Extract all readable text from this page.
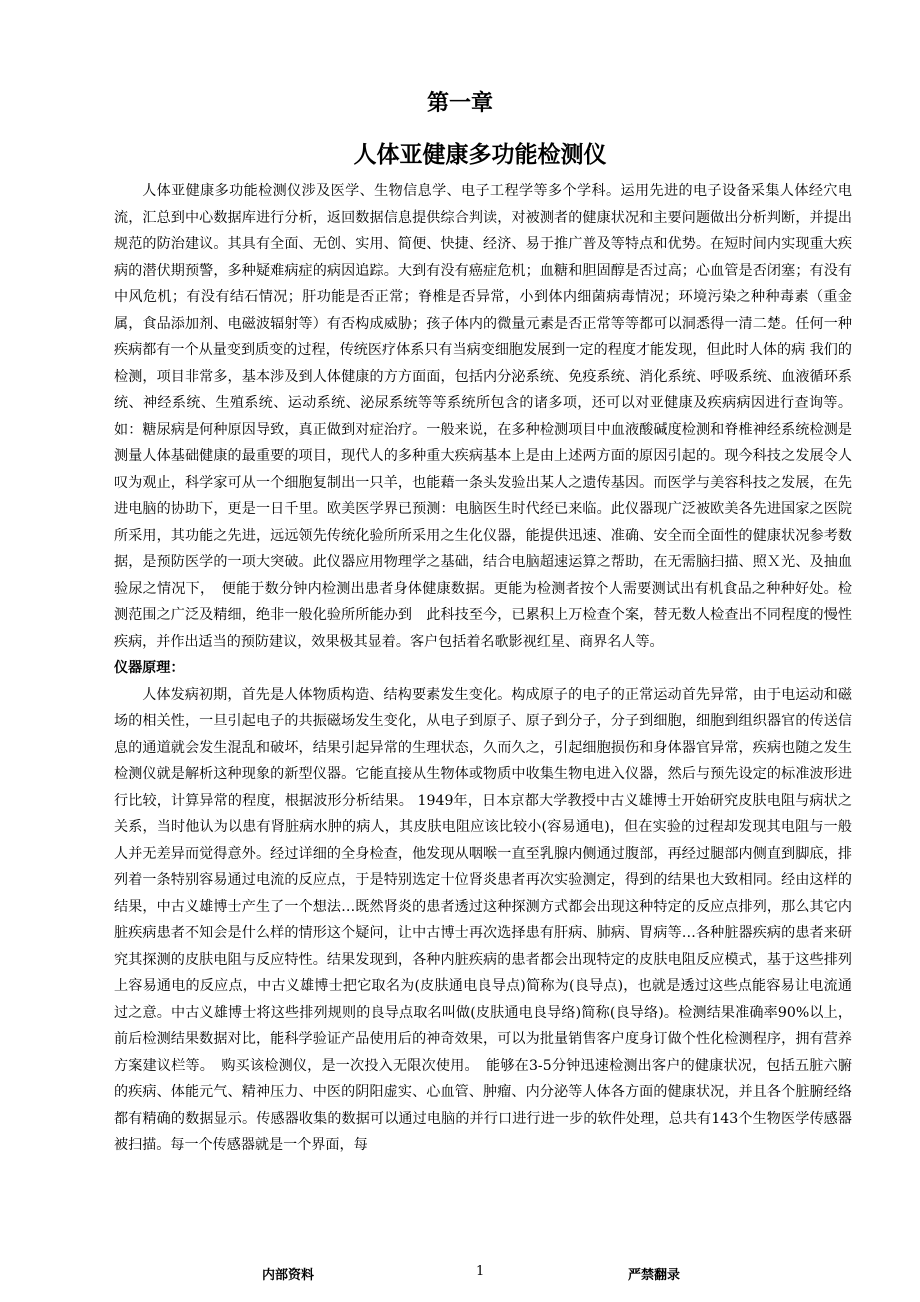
第一章
人体亚健康多功能检测仪

人体亚健康多功能检测仪涉及医学、生物信息学、电子工程学等多个学科。运用先进的电子设备采集人体经穴电流，汇总到中心数据库进行分析，返回数据信息提供综合判读，对被测者的健康状况和主要问题做出分析判断，并提出规范的防治建议。其具有全面、无创、实用、简便、快捷、经济、易于推广普及等特点和优势。在短时间内实现重大疾病的潜伏期预警，多种疑难病症的病因追踪。大到有没有癌症危机；血糖和胆固醇是否过高；心血管是否闭塞；有没有中风危机；有没有结石情况；肝功能是否正常；脊椎是否异常，小到体内细菌病毒情况；环境污染之种种毒素（重金属，食品添加剂、电磁波辐射等）有否构成威胁；孩子体内的微量元素是否正常等等都可以洞悉得一清二楚。任何一种疾病都有一个从量变到质变的过程，传统医疗体系只有当病变细胞发展到一定的程度才能发现，但此时人体的病 我们的检测，项目非常多，基本涉及到人体健康的方方面面，包括内分泌系统、免疫系统、消化系统、呼吸系统、血液循环系统、神经系统、生殖系统、运动系统、泌尿系统等等系统所包含的诸多项，还可以对亚健康及疾病病因进行查询等。如：糖尿病是何种原因导致，真正做到对症治疗。一般来说，在多种检测项目中血液酸碱度检测和脊椎神经系统检测是测量人体基础健康的最重要的项目，现代人的多种重大疾病基本上是由上述两方面的原因引起的。现今科技之发展令人叹为观止，科学家可从一个细胞复制出一只羊，也能藉一条头发验出某人之遗传基因。而医学与美容科技之发展，在先进电脑的协助下，更是一日千里。欧美医学界已预测：电脑医生时代经已来临。此仪器现广泛被欧美各先进国家之医院所采用，其功能之先进，远远领先传统化验所所采用之生化仪器，能提供迅速、准确、安全而全面性的健康状况参考数据，是预防医学的一项大突破。此仪器应用物理学之基础，结合电脑超速运算之帮助，在无需脑扫描、照Ｘ光、及抽血验尿之情况下，　便能于数分钟内检测出患者身体健康数据。更能为检测者按个人需要测试出有机食品之种种好处。检测范围之广泛及精细，绝非一般化验所所能办到　此科技至今，已累积上万检查个案，替无数人检查出不同程度的慢性疾病，并作出适当的预防建议，效果极其显着。客户包括着名歌影视红星、商界名人等。

仪器原理：

人体发病初期，首先是人体物质构造、结构要素发生变化。构成原子的电子的正常运动首先异常，由于电运动和磁场的相关性，一旦引起电子的共振磁场发生变化，从电子到原子、原子到分子，分子到细胞，细胞到组织器官的传送信息的通道就会发生混乱和破坏，结果引起异常的生理状态，久而久之，引起细胞损伤和身体器官异常，疾病也随之发生 检测仪就是解析这种现象的新型仪器。它能直接从生物体或物质中收集生物电进入仪器，然后与预先设定的标准波形进行比较，计算异常的程度，根据波形分析结果。 1949年，日本京都大学教授中古义雄博士开始研究皮肤电阻与病状之关系，当时他认为以患有肾脏病水肿的病人，其皮肤电阻应该比较小(容易通电)，但在实验的过程却发现其电阻与一般人并无差异而觉得意外。经过详细的全身检查，他发现从咽喉一直至乳腺内侧通过腹部，再经过腿部内侧直到脚底，排列着一条特别容易通过电流的反应点，于是特别选定十位肾炎患者再次实验测定，得到的结果也大致相同。经由这样的结果，中古义雄博士产生了一个想法…既然肾炎的患者透过这种探测方式都会出现这种特定的反应点排列，那么其它内脏疾病患者不知会是什么样的情形这个疑问，让中古博士再次选择患有肝病、肺病、胃病等…各种脏器疾病的患者来研究其探测的皮肤电阻与反应特性。结果发现到，各种内脏疾病的患者都会出现特定的皮肤电阻反应模式，基于这些排列上容易通电的反应点，中古义雄博士把它取名为(皮肤通电良导点)简称为(良导点)，也就是透过这些点能容易让电流通过之意。中古义雄博士将这些排列规则的良导点取名叫做(皮肤通电良导络)简称(良导络)。检测结果准确率90%以上，前后检测结果数据对比，能科学验证产品使用后的神奇效果，可以为批量销售客户度身订做个性化检测程序，拥有营养方案建议栏等。　购买该检测仪，是一次投入无限次使用。　能够在3-5分钟迅速检测出客户的健康状况，包括五脏六腑的疾病、体能元气、精神压力、中医的阴阳虚实、心血管、肿瘤、内分泌等人体各方面的健康状况，并且各个脏腑经络都有精确的数据显示。传感器收集的数据可以通过电脑的并行口进行进一步的软件处理，总共有143个生物医学传感器被扫描。每一个传感器就是一个界面，每

内部资料	1	严禁翻录
